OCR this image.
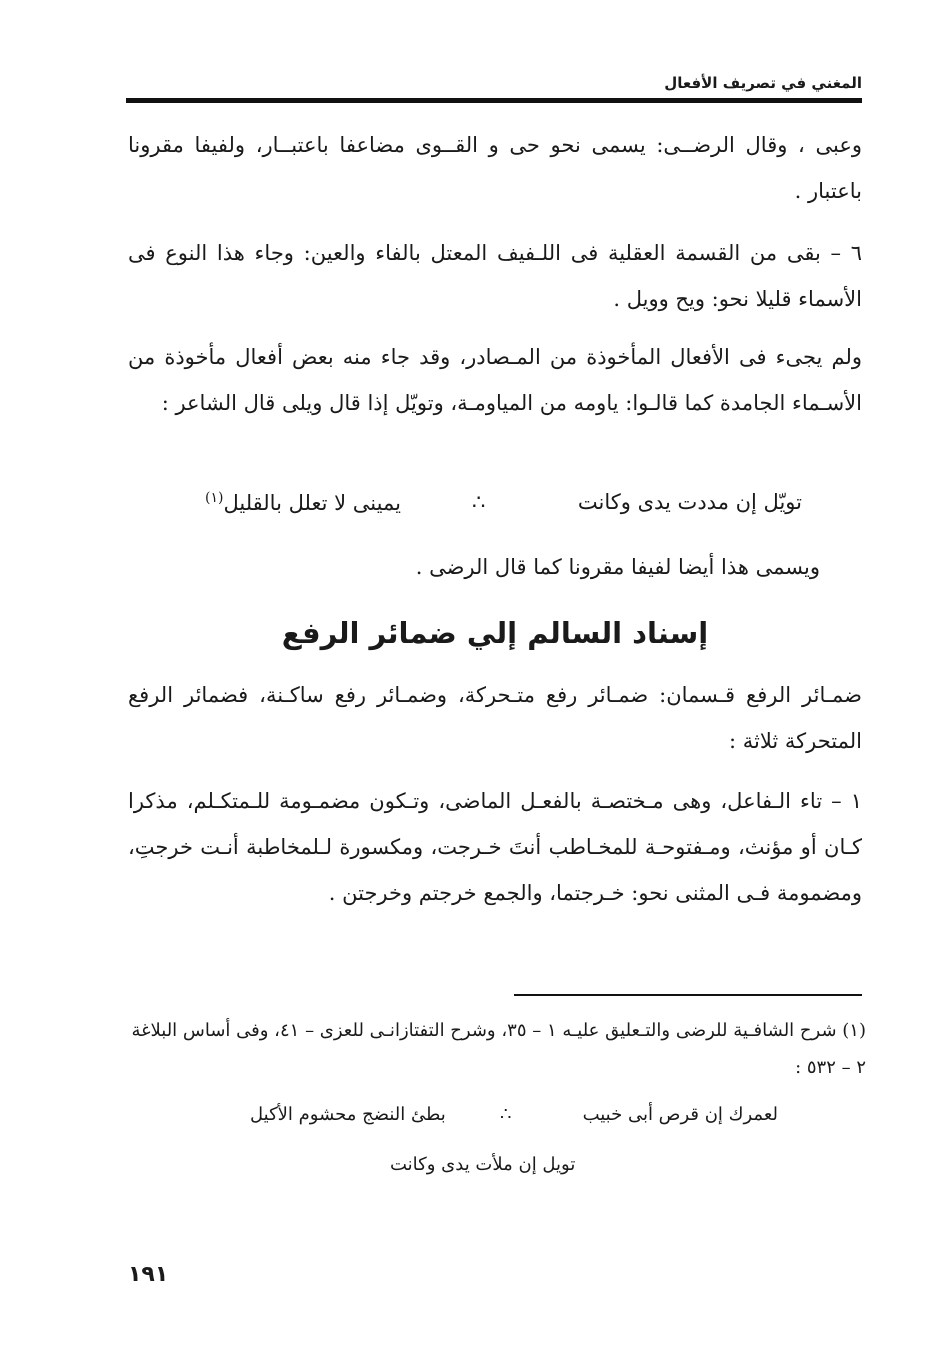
المغني في تصريف الأفعال

وعبى ، وقال الرضــى: يسمى نحو حى و القــوى مضاعفا باعتبــار، ولفيفا مقرونا باعتبار .

٦ – بقى من القسمة العقلية فى اللـفيف المعتل بالفاء والعين: وجاء هذا النوع فى الأسماء قليلا نحو: ويح وويل .

ولم يجىء فى الأفعال المأخوذة من المـصادر، وقد جاء منه بعض أفعال مأخوذة من الأسـماء الجامدة كما قالـوا: ياومه من المياومـة، وتويّل إذا قال ويلى قال الشاعر :

تويّل إن مددت يدى وكانت

∴

يمينى لا تعلل بالقليل$^{(١)}$

ويسمى هذا أيضا لفيفا مقرونا كما قال الرضى .

إسناد السالم إلي ضمائر الرفع

ضمـائر الرفع قـسمان: ضمـائر رفع متـحركة، وضمـائر رفع ساكـنة، فضمائر الرفع المتحركة ثلاثة :

١ – تاء الـفاعل، وهى مـختصـة بالفعـل الماضى، وتـكون مضمـومة للـمتكـلم، مذكرا كـان أو مؤنث، ومـفتوحـة للمخـاطب أنتَ خـرجت، ومكسورة لـلمخاطبة أنـت خرجتِ، ومضمومة فـى المثنى نحو: خـرجتما، والجمع خرجتم وخرجتن .

(١) شرح الشافـية للرضى والتـعليق عليـه ١ – ٣٥، وشرح التفتازانـى للعزى – ٤١، وفى أساس البلاغة ٢ – ٥٣٢ :

لعمرك إن قرص أبى خبيب

∴

بطئ النضج محشوم الأكيل

تويل إن ملأت يدى وكانت

١٩١
